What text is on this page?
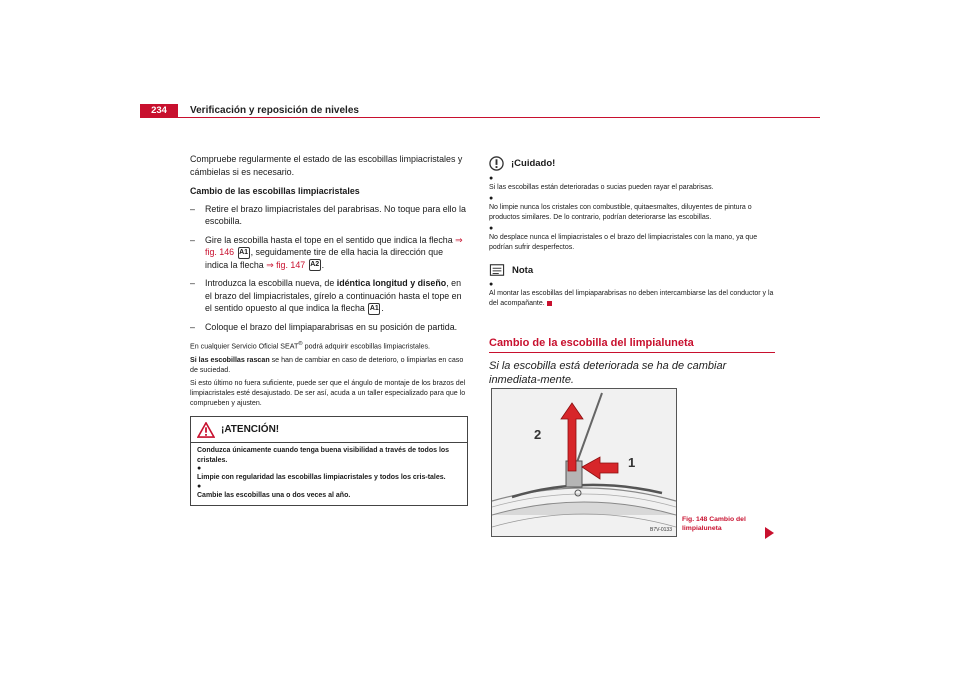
234	Verificación y reposición de niveles

Compruebe regularmente el estado de las escobillas limpiacristales y cámbielas si es necesario.

Cambio de las escobillas limpiacristales

– Retire el brazo limpiacristales del parabrisas. No toque para ello la escobilla.
– Gire la escobilla hasta el tope en el sentido que indica la flecha ⇒ fig. 146 A1 , seguidamente tire de ella hacia la dirección que indica la flecha ⇒ fig. 147 A2 .
– Introduzca la escobilla nueva, de idéntica longitud y diseño, en el brazo del limpiacristales, gírelo a continuación hasta el tope en el sentido opuesto al que indica la flecha A1 .
– Coloque el brazo del limpiaparabrisas en su posición de partida.

En cualquier Servicio Oficial SEAT® podrá adquirir escobillas limpiacristales.

Si las escobillas rascan se han de cambiar en caso de deterioro, o limpiarlas en caso de suciedad.

Si esto último no fuera suficiente, puede ser que el ángulo de montaje de los brazos del limpiacristales esté desajustado. De ser así, acuda a un taller especializado para que lo comprueben y ajusten.

¡ATENCIÓN!

Conduzca únicamente cuando tenga buena visibilidad a través de todos los cristales.

● Limpie con regularidad las escobillas limpiacristales y todos los cris-tales.

● Cambie las escobillas una o dos veces al año.

¡Cuidado!

● Si las escobillas están deterioradas o sucias pueden rayar el parabrisas.

● No limpie nunca los cristales con combustible, quitaesmaltes, diluyentes de pintura o productos similares. De lo contrario, podrían deteriorarse las escobillas.

● No desplace nunca el limpiacristales o el brazo del limpiacristales con la mano, ya que podrían sufrir desperfectos.

Nota

● Al montar las escobillas del limpiaparabrisas no deben intercambiarse las del conductor y la del acompañante.

Cambio de la escobilla del limpialuneta
Si la escobilla está deteriorada se ha de cambiar inmediata-mente.
2
1
B7V-0133
Fig. 148 Cambio del
limpialuneta
